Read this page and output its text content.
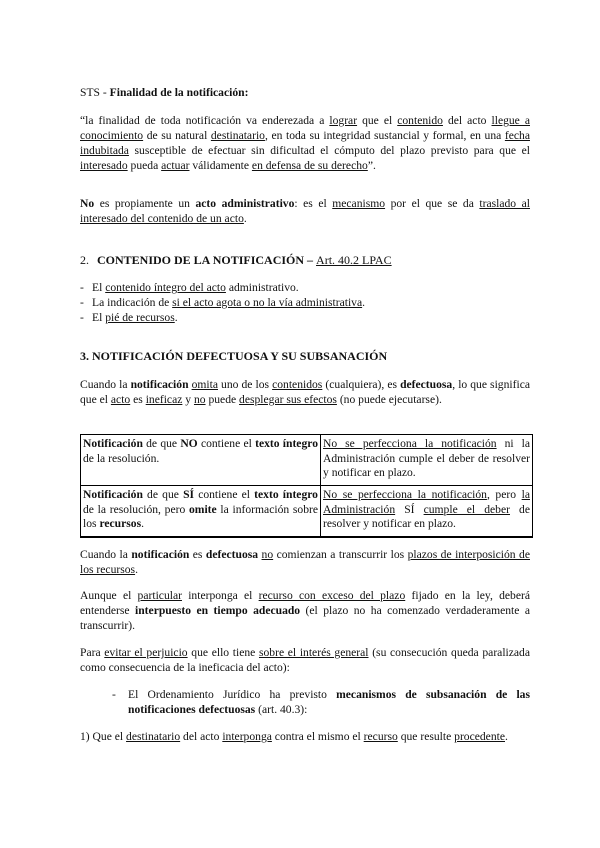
STS - Finalidad de la notificación:
“la finalidad de toda notificación va enderezada a lograr que el contenido del acto llegue a conocimiento de su natural destinatario, en toda su integridad sustancial y formal, en una fecha indubitada susceptible de efectuar sin dificultad el cómputo del plazo previsto para que el interesado pueda actuar válidamente en defensa de su derecho”.
No es propiamente un acto administrativo: es el mecanismo por el que se da traslado al interesado del contenido de un acto.
2. CONTENIDO DE LA NOTIFICACIÓN – Art. 40.2 LPAC
- El contenido íntegro del acto administrativo.
- La indicación de si el acto agota o no la vía administrativa.
- El pié de recursos.
3. NOTIFICACIÓN DEFECTUOSA Y SU SUBSANACIÓN
Cuando la notificación omita uno de los contenidos (cualquiera), es defectuosa, lo que significa que el acto es ineficaz y no puede desplegar sus efectos (no puede ejecutarse).
Notificación de que NO contiene el texto íntegro de la resolución.	No se perfecciona la notificación ni la Administración cumple el deber de resolver y notificar en plazo.
Notificación de que SÍ contiene el texto íntegro de la resolución, pero omite la información sobre los recursos.	No se perfecciona la notificación, pero la Administración SÍ cumple el deber de resolver y notificar en plazo.
Cuando la notificación es defectuosa no comienzan a transcurrir los plazos de interposición de los recursos.
Aunque el particular interponga el recurso con exceso del plazo fijado en la ley, deberá entenderse interpuesto en tiempo adecuado (el plazo no ha comenzado verdaderamente a transcurrir).
Para evitar el perjuicio que ello tiene sobre el interés general (su consecución queda paralizada como consecuencia de la ineficacia del acto):
- El Ordenamiento Jurídico ha previsto mecanismos de subsanación de las notificaciones defectuosas (art. 40.3):
1) Que el destinatario del acto interponga contra el mismo el recurso que resulte procedente.
